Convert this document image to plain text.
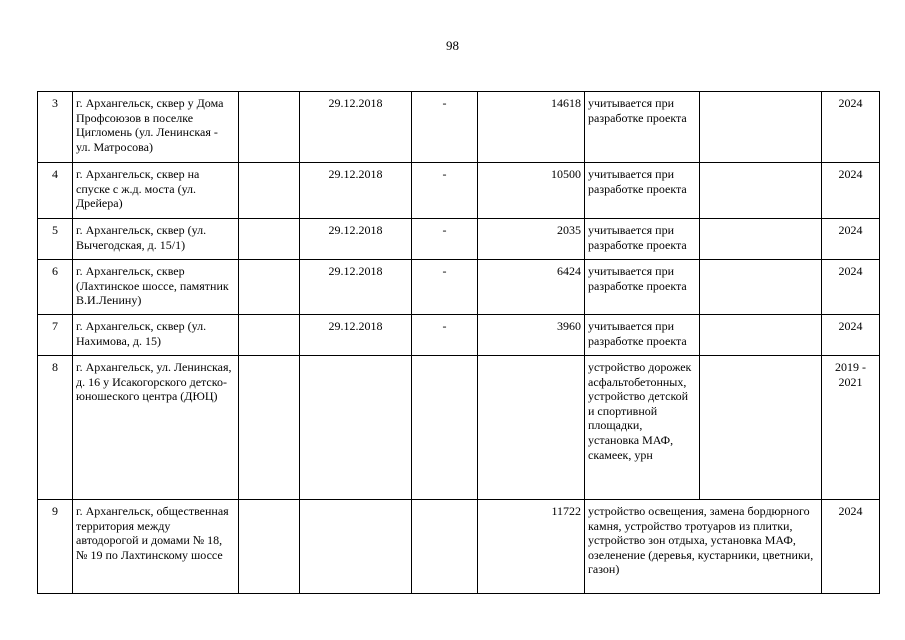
98
3	г. Архангельск, сквер у Дома Профсоюзов в поселке Цигломень (ул. Ленинская - ул. Матросова)		29.12.2018	-	14618	учитывается при разработке проекта		2024
4	г. Архангельск, сквер на спуске с ж.д. моста (ул. Дрейера)		29.12.2018	-	10500	учитывается при разработке проекта		2024
5	г. Архангельск, сквер (ул. Вычегодская, д. 15/1)		29.12.2018	-	2035	учитывается при разработке проекта		2024
6	г. Архангельск, сквер (Лахтинское шоссе, памятник В.И.Ленину)		29.12.2018	-	6424	учитывается при разработке проекта		2024
7	г. Архангельск, сквер (ул. Нахимова, д. 15)		29.12.2018	-	3960	учитывается при разработке проекта		2024
8	г. Архангельск, ул. Ленинская, д. 16 у Исакогорского детско-юношеского центра (ДЮЦ)					устройство дорожек асфальтобетонных, устройство детской и спортивной площадки, установка МАФ, скамеек, урн		2019 - 2021
9	г. Архангельск, общественная территория между автодорогой и домами № 18, № 19 по Лахтинскому шоссе				11722	устройство освещения, замена бордюрного камня, устройство тротуаров из плитки, устройство зон отдыха, установка МАФ, озеленение (деревья, кустарники, цветники, газон)		2024
